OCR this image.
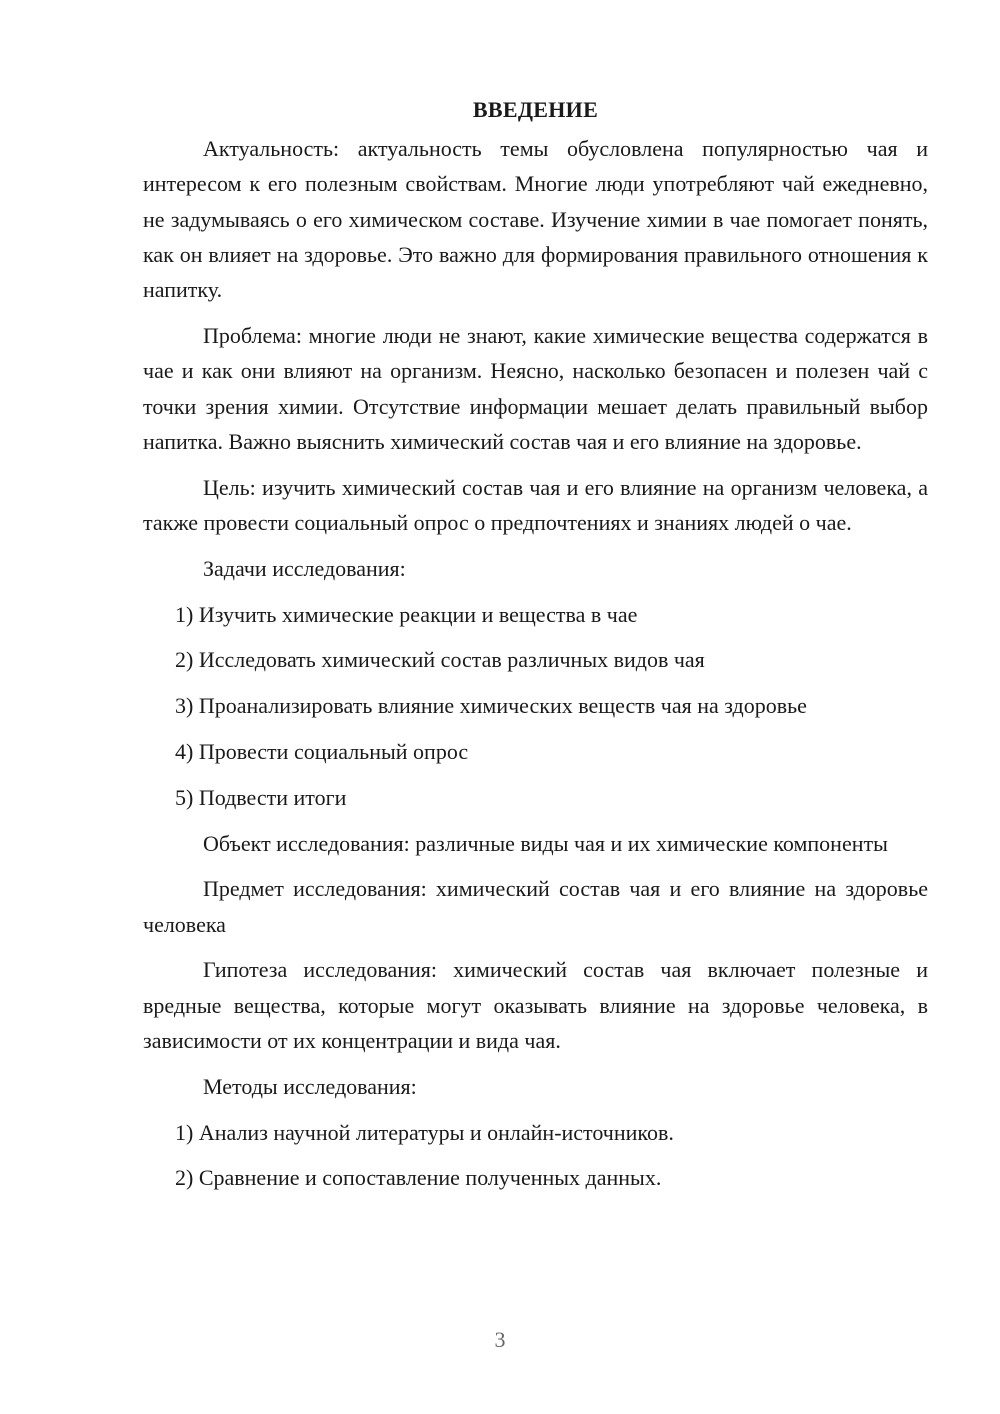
ВВЕДЕНИЕ

Актуальность: актуальность темы обусловлена популярностью чая и интересом к его полезным свойствам. Многие люди употребляют чай ежедневно, не задумываясь о его химическом составе. Изучение химии в чае помогает понять, как он влияет на здоровье. Это важно для формирования правильного отношения к напитку.

Проблема: многие люди не знают, какие химические вещества содержатся в чае и как они влияют на организм. Неясно, насколько безопасен и полезен чай с точки зрения химии. Отсутствие информации мешает делать правильный выбор напитка. Важно выяснить химический состав чая и его влияние на здоровье.

Цель: изучить химический состав чая и его влияние на организм человека, а также провести социальный опрос о предпочтениях и знаниях людей о чае.

Задачи исследования:

1) Изучить химические реакции и вещества в чае

2) Исследовать химический состав различных видов чая

3) Проанализировать влияние химических веществ чая на здоровье

4) Провести социальный опрос

5) Подвести итоги

Объект исследования: различные виды чая и их химические компоненты

Предмет исследования: химический состав чая и его влияние на здоровье человека

Гипотеза исследования: химический состав чая включает полезные и вредные вещества, которые могут оказывать влияние на здоровье человека, в зависимости от их концентрации и вида чая.

Методы исследования:

1) Анализ научной литературы и онлайн-источников.

2) Сравнение и сопоставление полученных данных.

3
